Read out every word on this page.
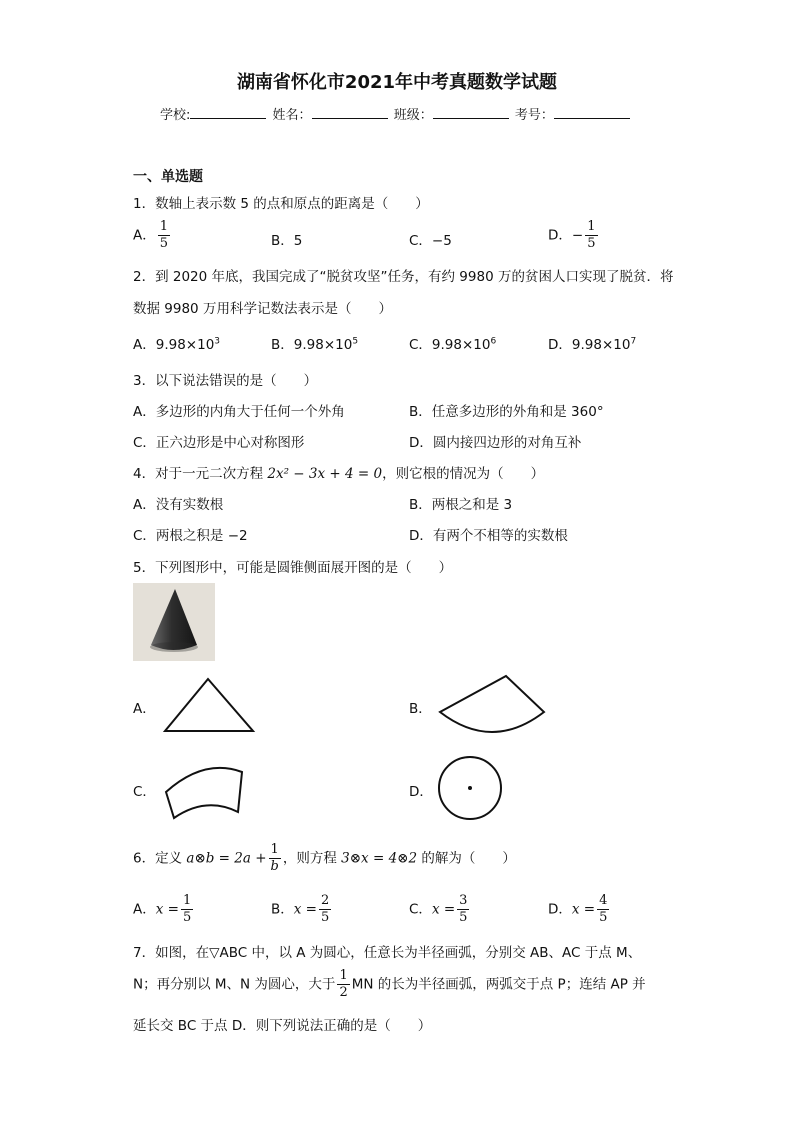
湖南省怀化市2021年中考真题数学试题
学校:	姓名：	班级：	考号：
一、单选题
1．数轴上表示数 5 的点和原点的距离是（　　）
A． $\frac{1}{5}$	B．5	C．−5	D．− $\frac{1}{5}$
2．到 2020 年底，我国完成了“脱贫攻坚”任务，有约 9980 万的贫困人口实现了脱贫．将
数据 9980 万用科学记数法表示是（　　）
A．$9.98\times 10^3$	B．$9.98\times 10^5$	C．$9.98\times 10^6$	D．$9.98\times 10^7$
3．以下说法错误的是（　　）
A．多边形的内角大于任何一个外角	B．任意多边形的外角和是 360°
C．正六边形是中心对称图形	D．圆内接四边形的对角互补
4．对于一元二次方程 2x² − 3x + 4 = 0，则它根的情况为（　　）
A．没有实数根	B．两根之和是 3
C．两根之积是 −2	D．有两个不相等的实数根
5．下列图形中，可能是圆锥侧面展开图的是（　　）
A．	B．
C．	D．
6．定义 a⊗b = $2a + \frac{1}{b}$ ，则方程 3⊗x = 4⊗2 的解为（　　）
A．$x = \frac{1}{5}$	B．$x = \frac{2}{5}$	C．$x = \frac{3}{5}$	D．$x = \frac{4}{5}$
7．如图，在▽ABC 中，以 A 为圆心，任意长为半径画弧，分别交 AB、AC 于点 M、
N；再分别以 M、N 为圆心，大于 $\frac{1}{2}$ MN 的长为半径画弧，两弧交于点 P；连结 AP 并
延长交 BC 于点 D．则下列说法正确的是（　　）
